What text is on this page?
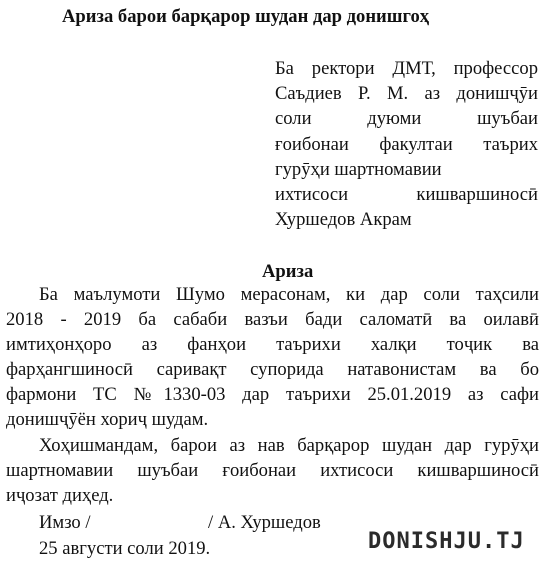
Ариза барои барқарор шудан дар донишгоҳ
Ба ректори ДМТ, профессор
Саъдиев Р. М. аз донишҷӯи
соли дуюми шуъбаи
ғоибонаи факултаи таърих
гурӯҳи шартномавии
ихтисоси кишваршиносӣ
Хуршедов Акрам
Ариза
Ба маълумоти Шумо мерасонам, ки дар соли таҳсили
2018 - 2019 ба сабаби вазъи бади саломатӣ ва оилавӣ
имтиҳонҳоро аз фанҳои таърихи халқи тоҷик ва
фарҳангшиносӣ саривақт супорида натавонистам ва бо
фармони ТС №1330-03 дар таърихи 25.01.2019 аз сафи
донишҷӯён хориҷ шудам.
Хоҳишмандам, барои аз нав барқарор шудан дар гурӯҳи
шартномавии шуъбаи ғоибонаи ихтисоси кишваршиносӣ
иҷозат диҳед.
Имзо /	/ А. Хуршедов
25 августи соли 2019.	DONISHJU.TJ
